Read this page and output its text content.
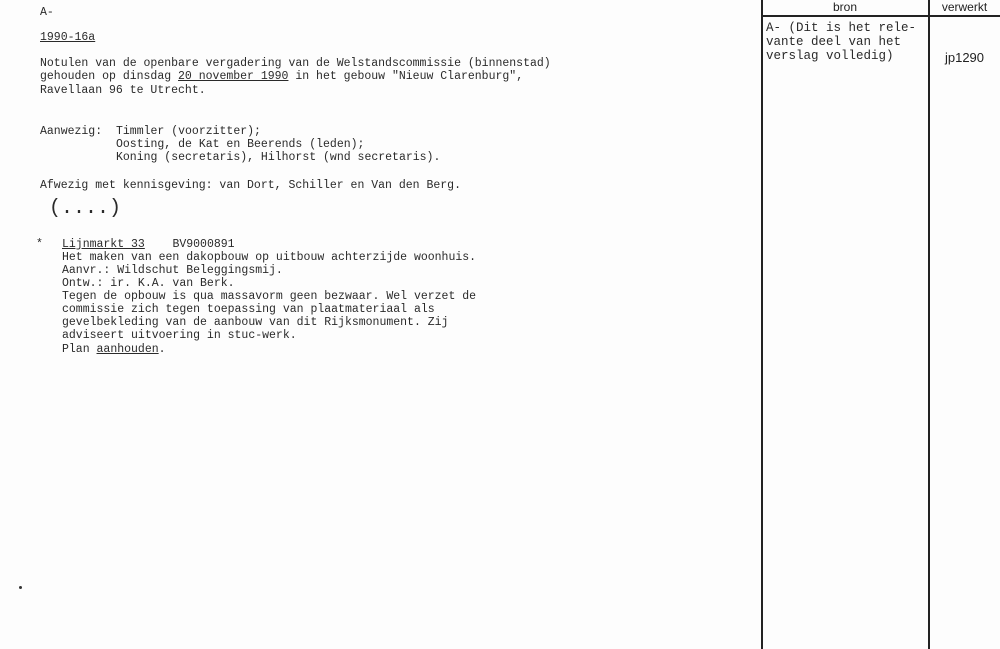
A-
1990-16a
Notulen van de openbare vergadering van de Welstandscommissie (binnenstad)
gehouden op dinsdag 20 november 1990 in het gebouw "Nieuw Clarenburg",
Ravellaan 96 te Utrecht.
Aanwezig: Timmler (voorzitter);
Oosting, de Kat en Beerends (leden);
Koning (secretaris), Hilhorst (wnd secretaris).
Afwezig met kennisgeving: van Dort, Schiller en Van den Berg.
(....)
* Lijnmarkt 33 BV9000891
Het maken van een dakopbouw op uitbouw achterzijde woonhuis.
Aanvr.: Wildschut Beleggingsmij.
Ontw.: ir. K.A. van Berk.
Tegen de opbouw is qua massavorm geen bezwaar. Wel verzet de
commissie zich tegen toepassing van plaatmateriaal als
gevelbekleding van de aanbouw van dit Rijksmonument. Zij
adviseert uitvoering in stuc-werk.
Plan aanhouden.
bron	verwerkt
A- (Dit is het rele-
vante deel van het
verslag volledig)	jp1290
